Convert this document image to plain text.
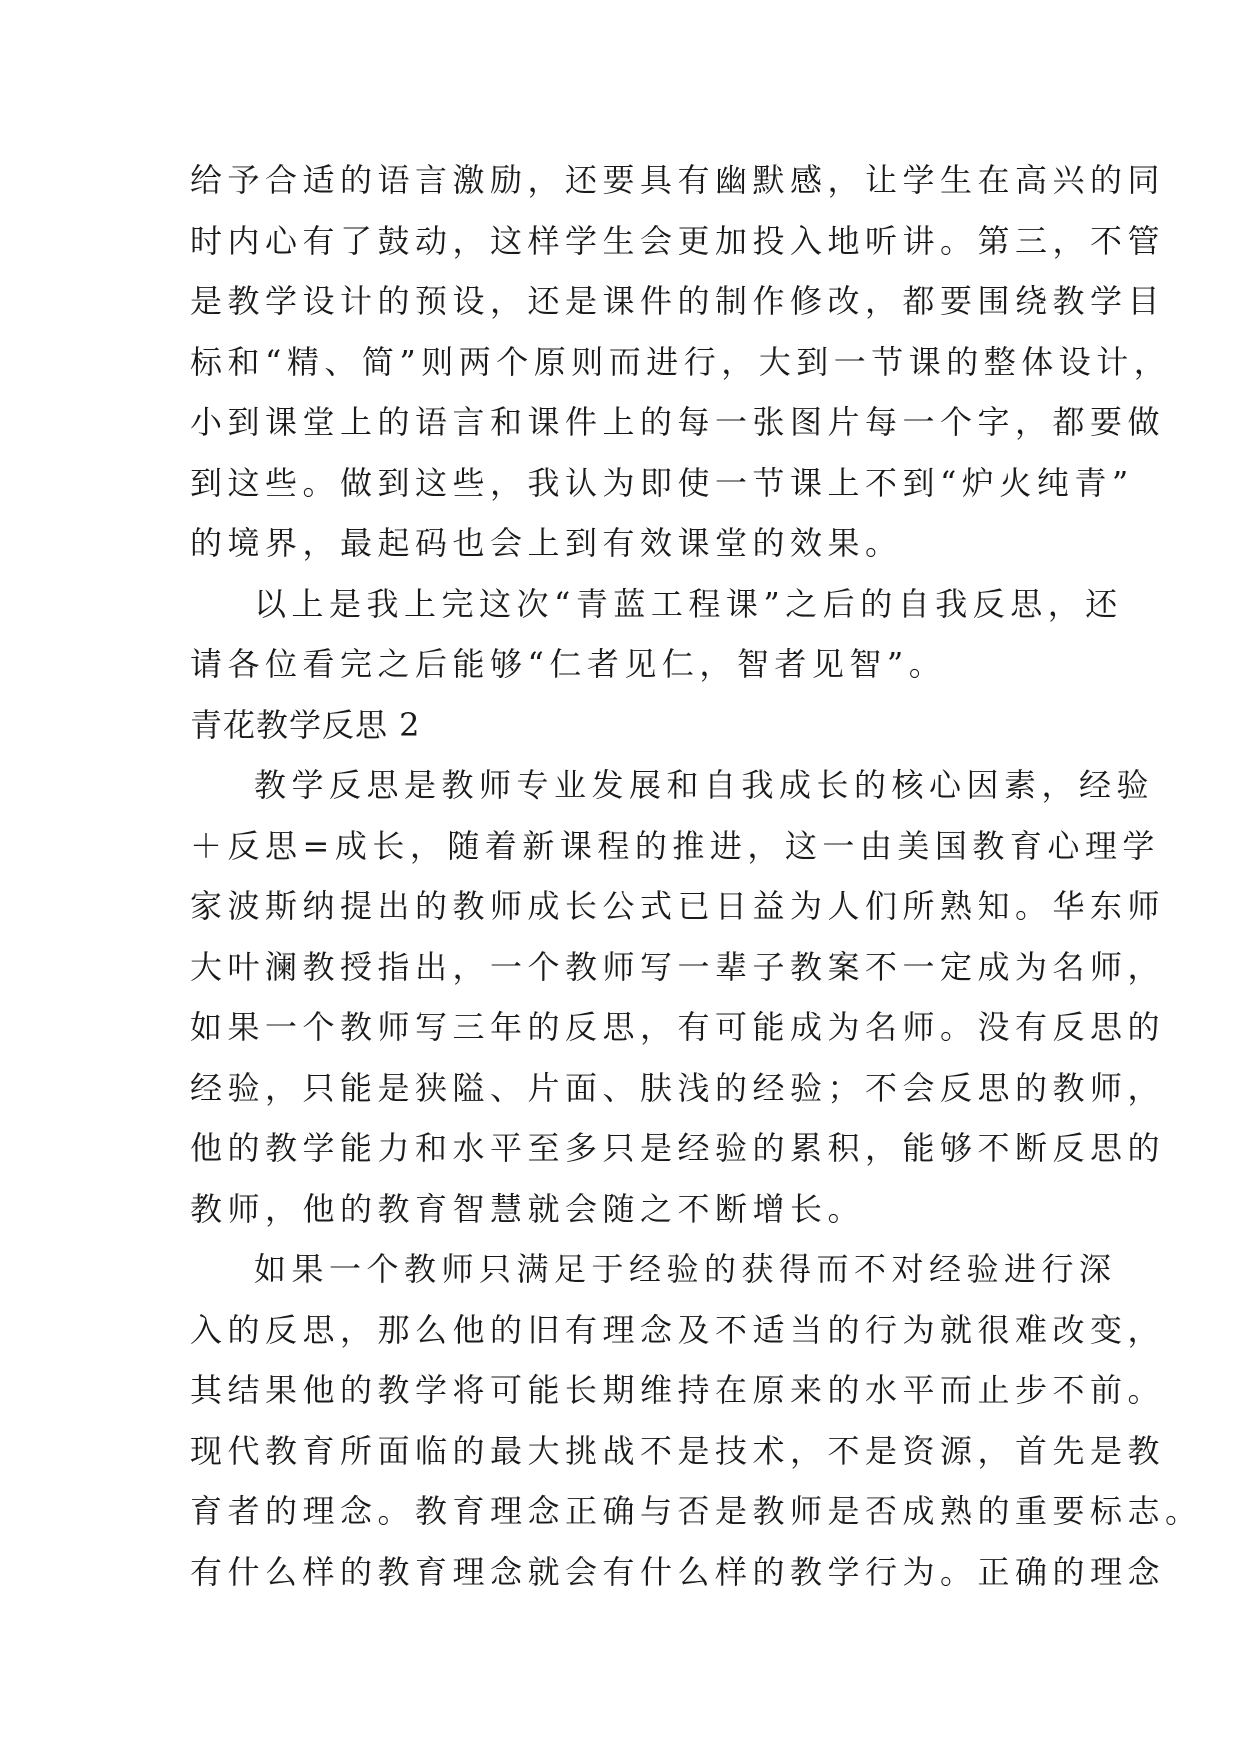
给予合适的语言激励，还要具有幽默感，让学生在高兴的同
时内心有了鼓动，这样学生会更加投入地听讲。第三，不管
是教学设计的预设，还是课件的制作修改，都要围绕教学目
标和“精、简”则两个原则而进行，大到一节课的整体设计，
小到课堂上的语言和课件上的每一张图片每一个字，都要做
到这些。做到这些，我认为即使一节课上不到“炉火纯青”
的境界，最起码也会上到有效课堂的效果。
以上是我上完这次“青蓝工程课”之后的自我反思，还
请各位看完之后能够“仁者见仁，智者见智”。
青花教学反思 2
教学反思是教师专业发展和自我成长的核心因素，经验
＋反思=成长，随着新课程的推进，这一由美国教育心理学
家波斯纳提出的教师成长公式已日益为人们所熟知。华东师
大叶澜教授指出，一个教师写一辈子教案不一定成为名师，
如果一个教师写三年的反思，有可能成为名师。没有反思的
经验，只能是狭隘、片面、肤浅的经验；不会反思的教师，
他的教学能力和水平至多只是经验的累积，能够不断反思的
教师，他的教育智慧就会随之不断增长。
如果一个教师只满足于经验的获得而不对经验进行深
入的反思，那么他的旧有理念及不适当的行为就很难改变，
其结果他的教学将可能长期维持在原来的水平而止步不前。
现代教育所面临的最大挑战不是技术，不是资源，首先是教
育者的理念。教育理念正确与否是教师是否成熟的重要标志。
有什么样的教育理念就会有什么样的教学行为。正确的理念
